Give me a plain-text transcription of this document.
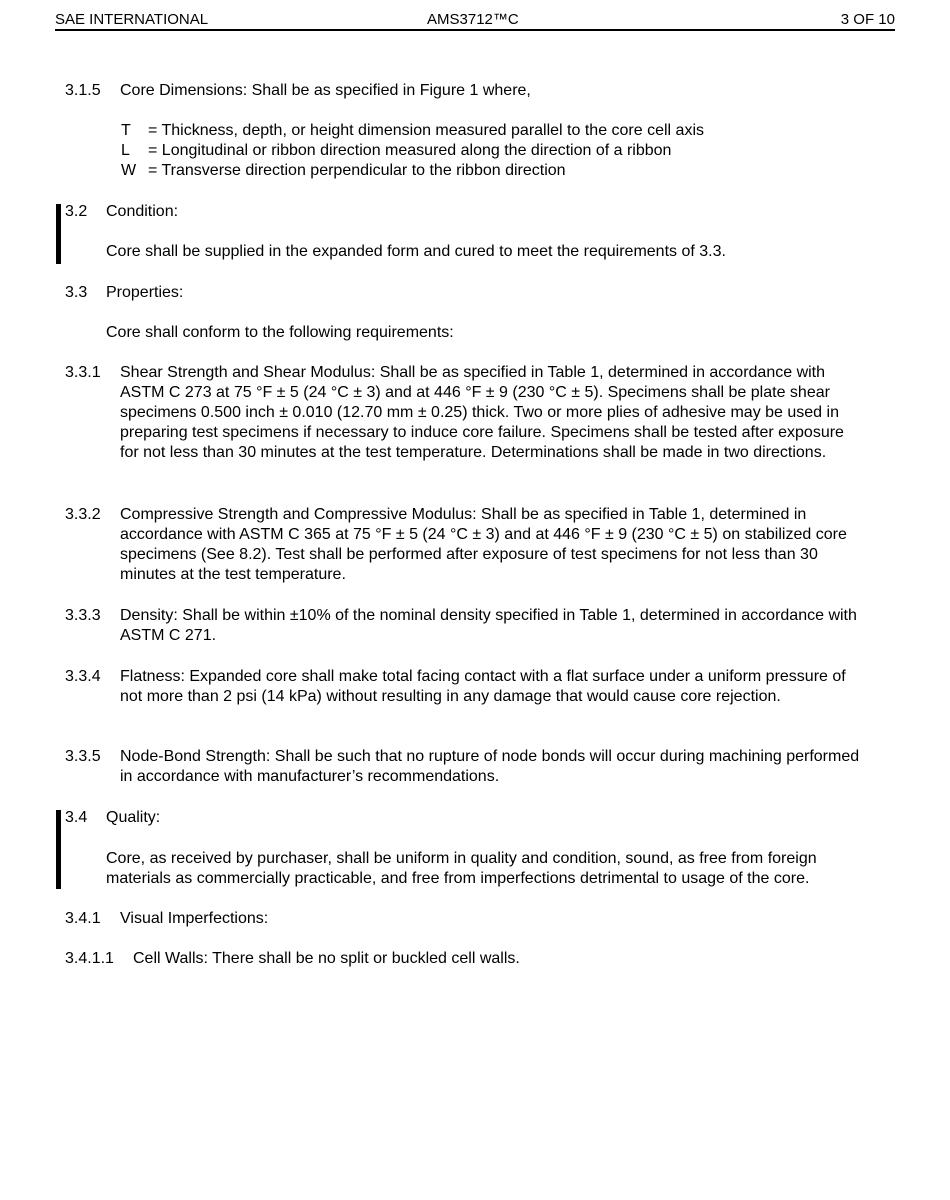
SAE INTERNATIONAL	AMS3712™C	3 OF 10
3.1.5 Core Dimensions: Shall be as specified in Figure 1 where,
T = Thickness, depth, or height dimension measured parallel to the core cell axis
L = Longitudinal or ribbon direction measured along the direction of a ribbon
W = Transverse direction perpendicular to the ribbon direction
3.2 Condition:
Core shall be supplied in the expanded form and cured to meet the requirements of 3.3.
3.3 Properties:
Core shall conform to the following requirements:
3.3.1 Shear Strength and Shear Modulus: Shall be as specified in Table 1, determined in accordance with ASTM C 273 at 75 °F ± 5 (24 °C ± 3) and at 446 °F ± 9 (230 °C ± 5). Specimens shall be plate shear specimens 0.500 inch ± 0.010 (12.70 mm ± 0.25) thick. Two or more plies of adhesive may be used in preparing test specimens if necessary to induce core failure. Specimens shall be tested after exposure for not less than 30 minutes at the test temperature. Determinations shall be made in two directions.
3.3.2 Compressive Strength and Compressive Modulus: Shall be as specified in Table 1, determined in accordance with ASTM C 365 at 75 °F ± 5 (24 °C ± 3) and at 446 °F ± 9 (230 °C ± 5) on stabilized core specimens (See 8.2). Test shall be performed after exposure of test specimens for not less than 30 minutes at the test temperature.
3.3.3 Density: Shall be within ±10% of the nominal density specified in Table 1, determined in accordance with ASTM C 271.
3.3.4 Flatness: Expanded core shall make total facing contact with a flat surface under a uniform pressure of not more than 2 psi (14 kPa) without resulting in any damage that would cause core rejection.
3.3.5 Node-Bond Strength: Shall be such that no rupture of node bonds will occur during machining performed in accordance with manufacturer’s recommendations.
3.4 Quality:
Core, as received by purchaser, shall be uniform in quality and condition, sound, as free from foreign materials as commercially practicable, and free from imperfections detrimental to usage of the core.
3.4.1 Visual Imperfections:
3.4.1.1 Cell Walls: There shall be no split or buckled cell walls.
